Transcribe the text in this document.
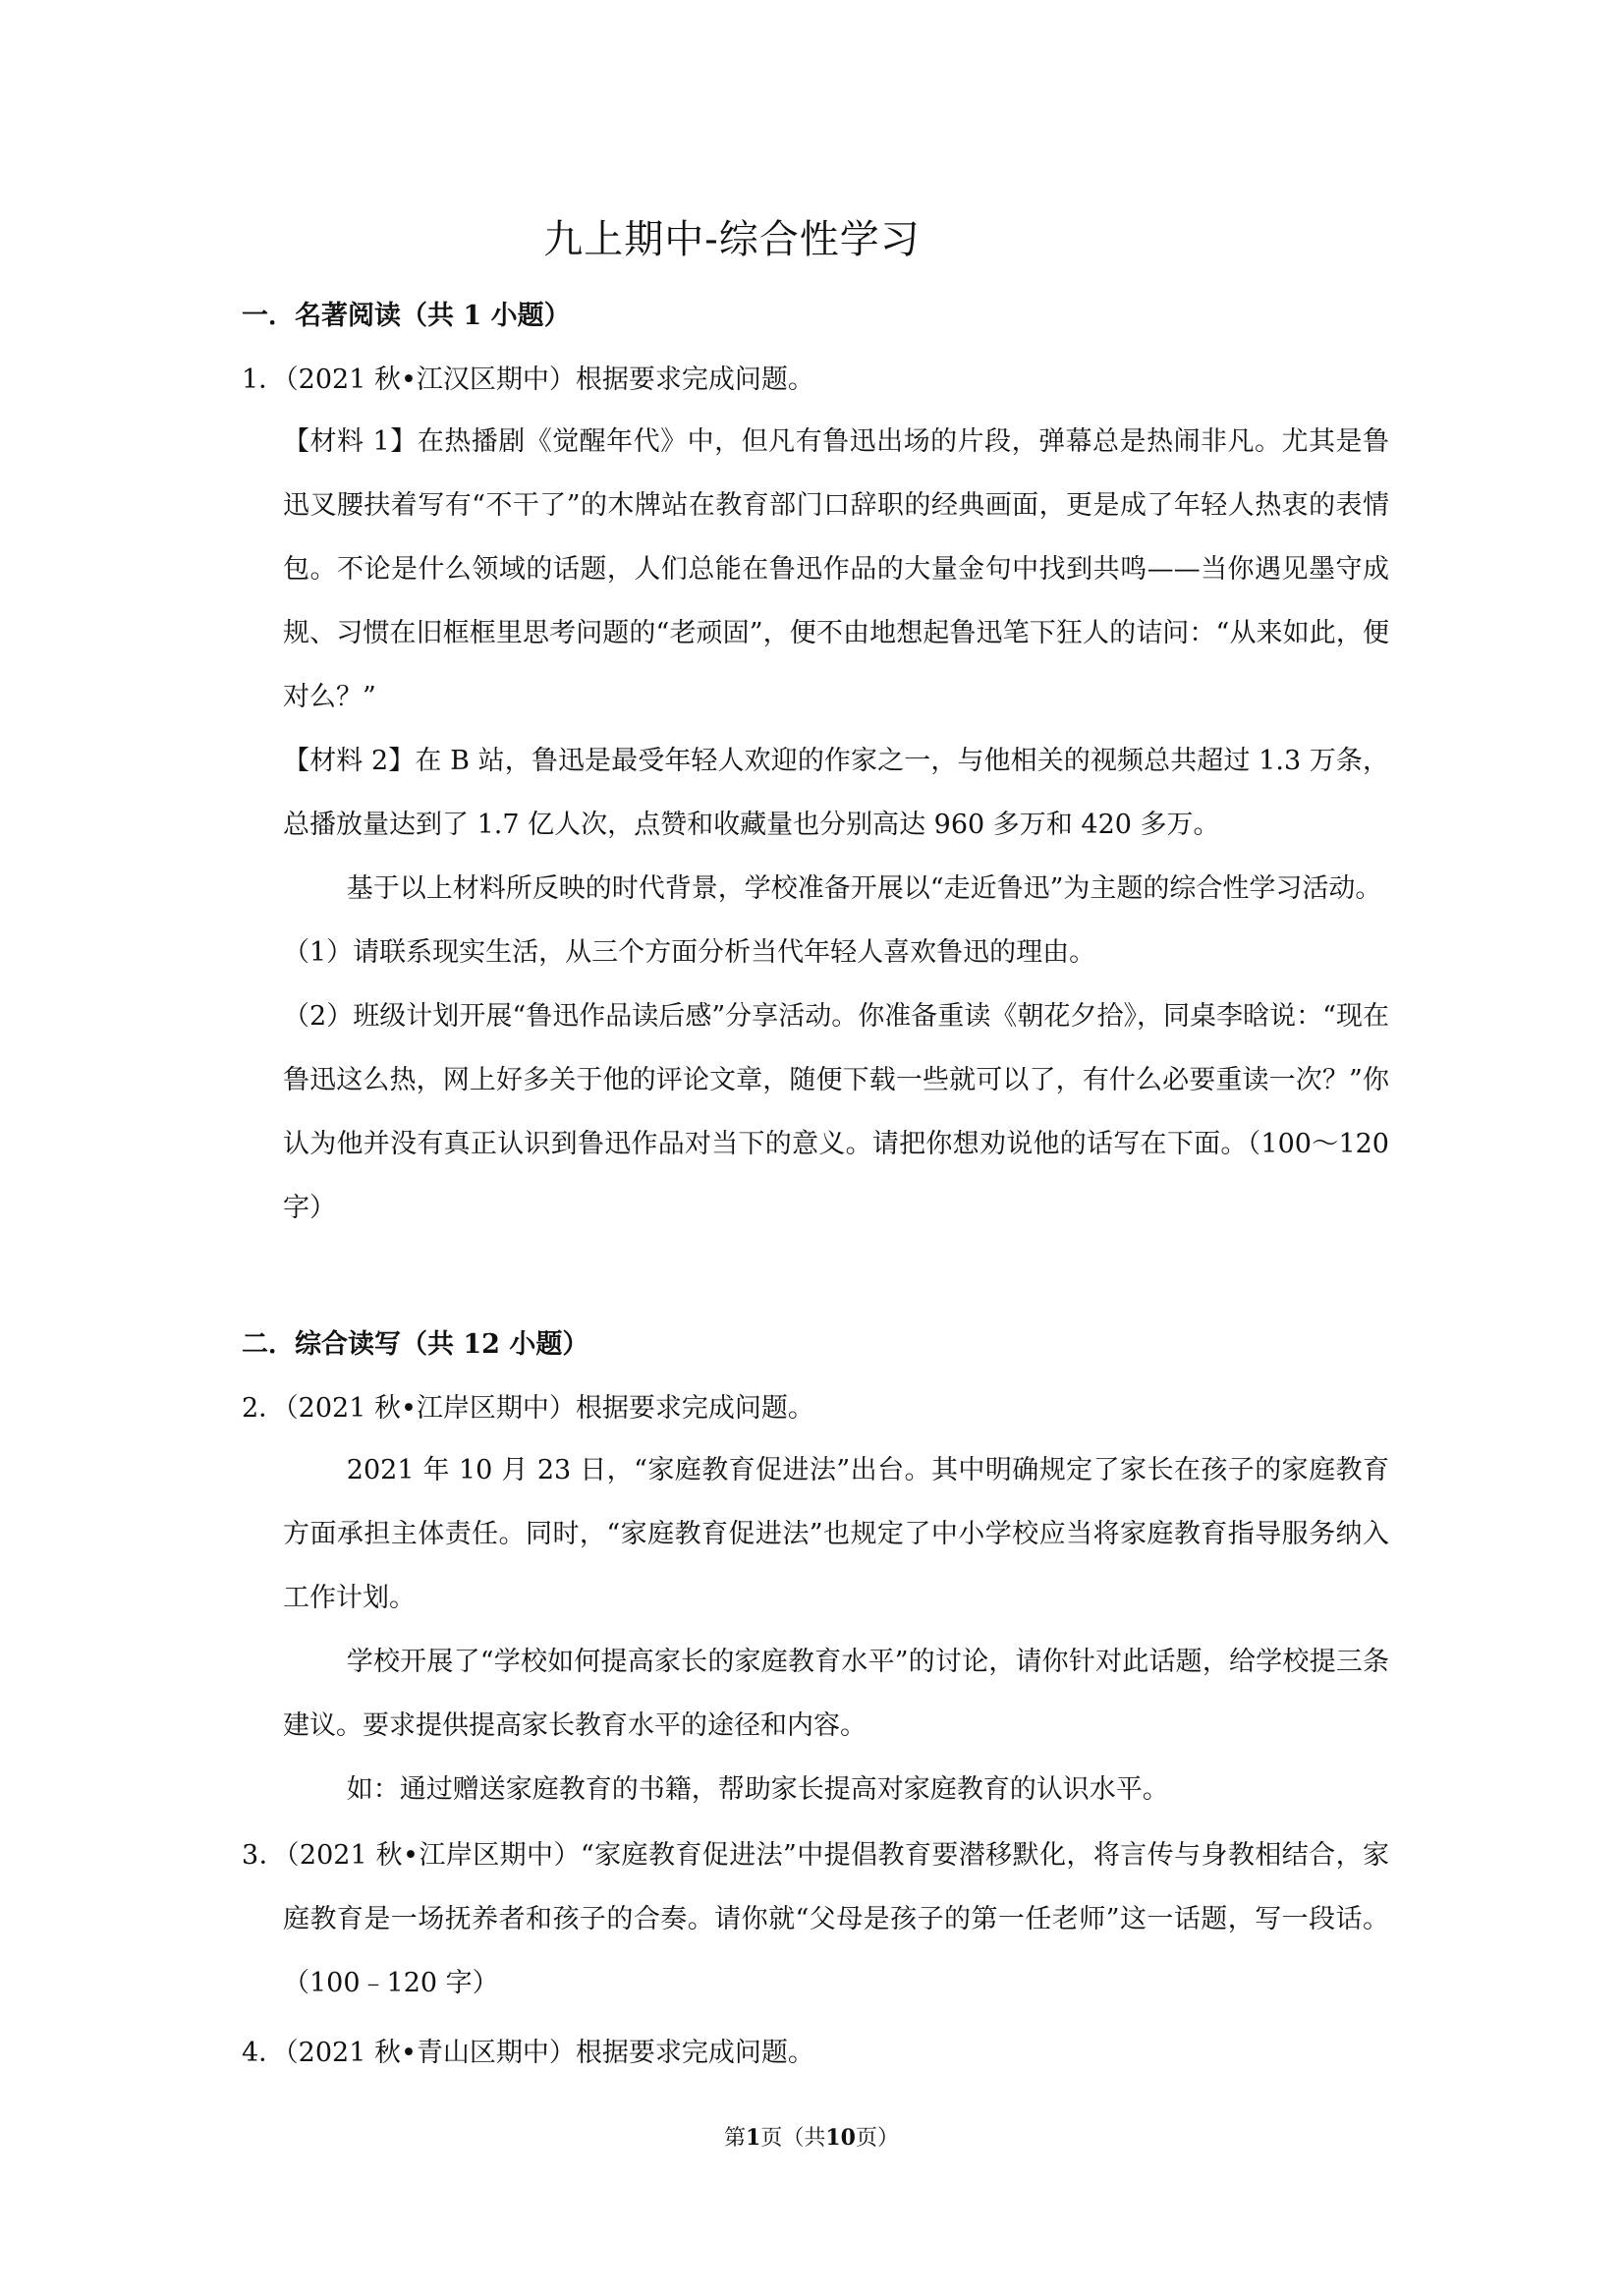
九上期中-综合性学习
一．名著阅读（共 1 小题）
1．（2021 秋•江汉区期中）根据要求完成问题。

【材料 1】在热播剧《觉醒年代》中，但凡有鲁迅出场的片段，弹幕总是热闹非凡。尤其是鲁迅叉腰扶着写有“不干了”的木牌站在教育部门口辞职的经典画面，更是成了年轻人热衷的表情包。不论是什么领域的话题，人们总能在鲁迅作品的大量金句中找到共鸣——当你遇见墨守成规、习惯在旧框框里思考问题的“老顽固”，便不由地想起鲁迅笔下狂人的诘问：“从来如此，便对么？”

【材料 2】在 B 站，鲁迅是最受年轻人欢迎的作家之一，与他相关的视频总共超过 1.3 万条，总播放量达到了 1.7 亿人次，点赞和收藏量也分别高达 960 多万和 420 多万。

基于以上材料所反映的时代背景，学校准备开展以“走近鲁迅”为主题的综合性学习活动。

（1）请联系现实生活，从三个方面分析当代年轻人喜欢鲁迅的理由。

（2）班级计划开展“鲁迅作品读后感”分享活动。你准备重读《朝花夕拾》，同桌李晗说：“现在鲁迅这么热，网上好多关于他的评论文章，随便下载一些就可以了，有什么必要重读一次？”你认为他并没有真正认识到鲁迅作品对当下的意义。请把你想劝说他的话写在下面。（100～120 字）

二．综合读写（共 12 小题）
2．（2021 秋•江岸区期中）根据要求完成问题。

2021 年 10 月 23 日，“家庭教育促进法”出台。其中明确规定了家长在孩子的家庭教育方面承担主体责任。同时，“家庭教育促进法”也规定了中小学校应当将家庭教育指导服务纳入工作计划。

学校开展了“学校如何提高家长的家庭教育水平”的讨论，请你针对此话题，给学校提三条建议。要求提供提高家长教育水平的途径和内容。

如：通过赠送家庭教育的书籍，帮助家长提高对家庭教育的认识水平。

3．（2021 秋•江岸区期中）“家庭教育促进法”中提倡教育要潜移默化，将言传与身教相结合，家庭教育是一场抚养者和孩子的合奏。请你就“父母是孩子的第一任老师”这一话题，写一段话。（100﹣120 字）

4．（2021 秋•青山区期中）根据要求完成问题。
第1页（共10页）
